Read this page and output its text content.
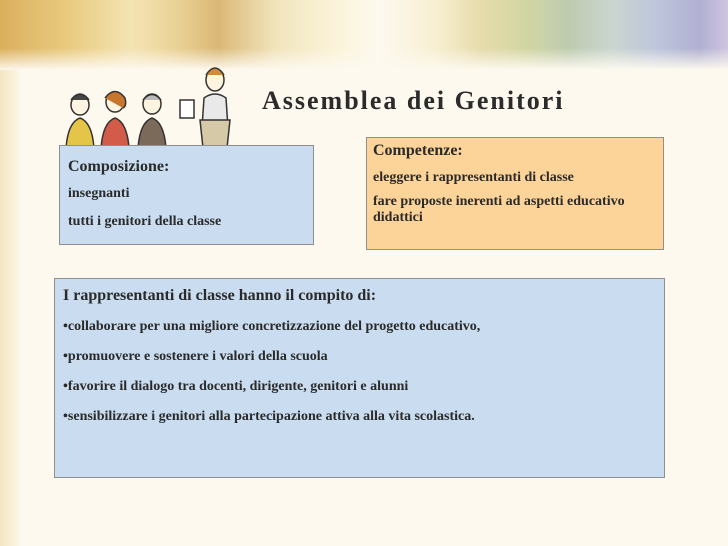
Assemblea dei Genitori
Composizione:
insegnanti
tutti i genitori della classe
Competenze:
eleggere i rappresentanti di classe
fare proposte inerenti ad aspetti educativo didattici
I rappresentanti di classe hanno il compito di:
•collaborare per una migliore concretizzazione del progetto educativo,
•promuovere e sostenere i valori della scuola
•favorire il dialogo tra docenti, dirigente, genitori e alunni
•sensibilizzare i genitori alla partecipazione attiva alla vita scolastica.
